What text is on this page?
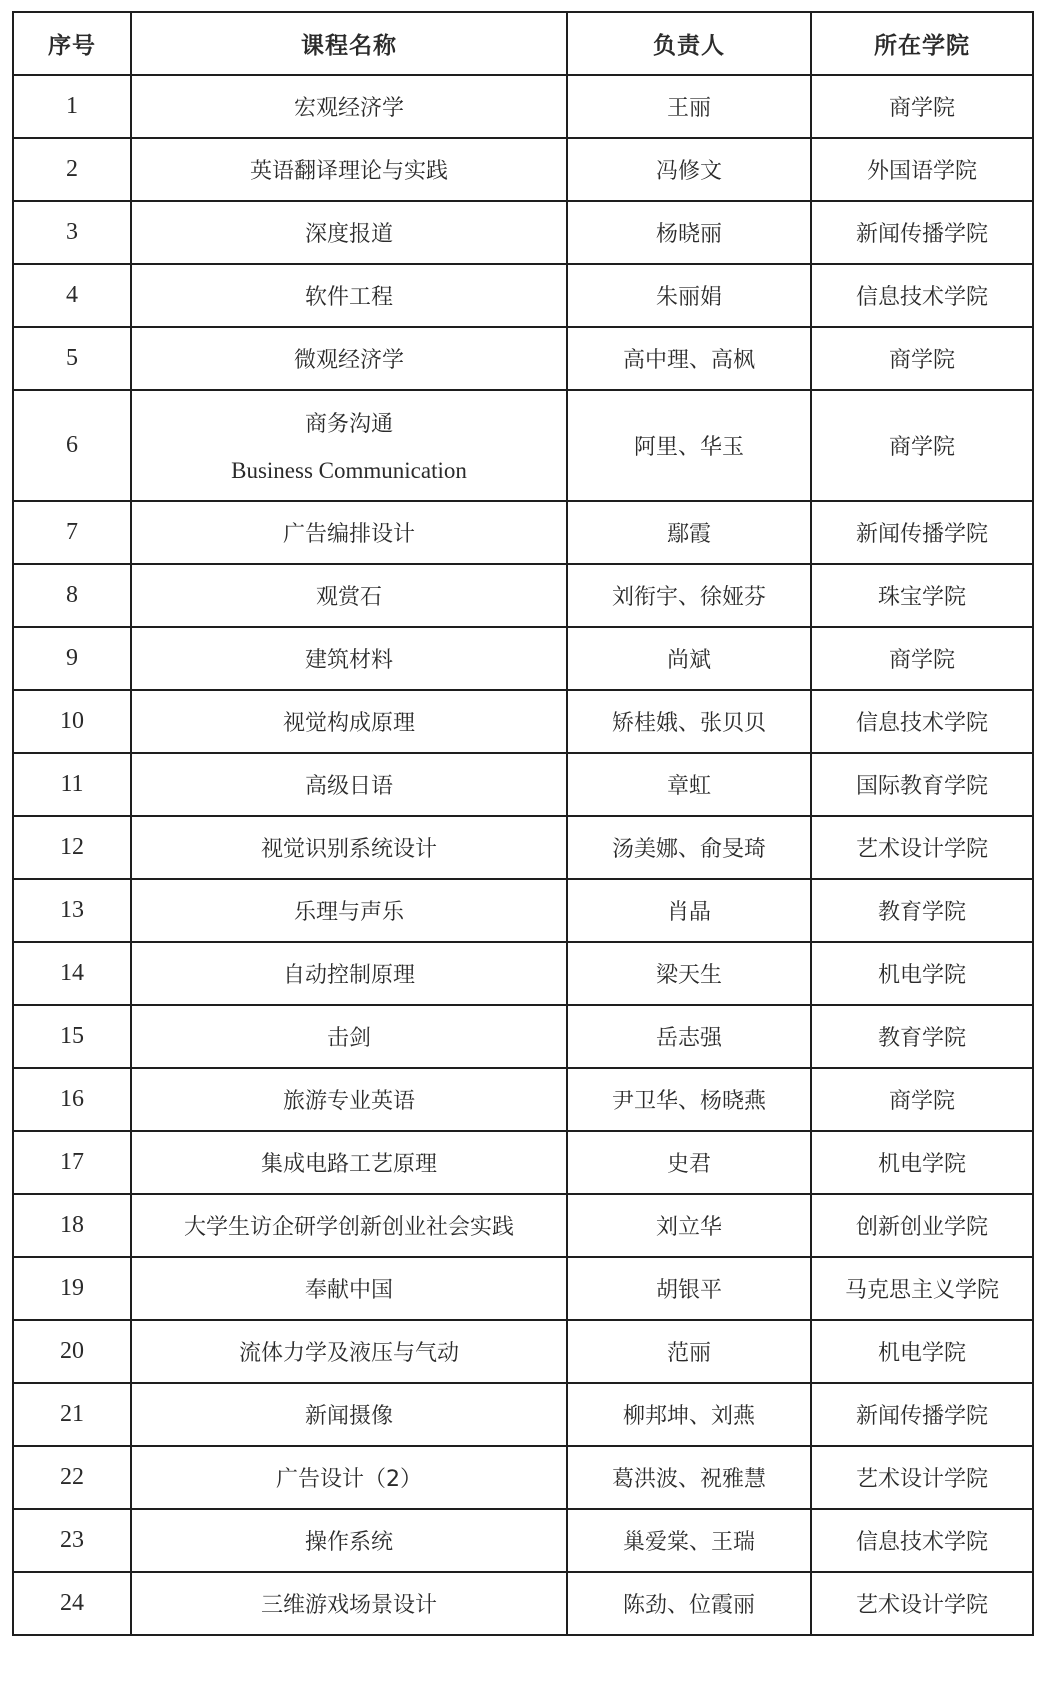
序号	课程名称	负责人	所在学院
1	宏观经济学	王丽	商学院
2	英语翻译理论与实践	冯修文	外国语学院
3	深度报道	杨晓丽	新闻传播学院
4	软件工程	朱丽娟	信息技术学院
5	微观经济学	高中理、高枫	商学院
6	商务沟通
Business Communication	阿里、华玉	商学院
7	广告编排设计	鄢霞	新闻传播学院
8	观赏石	刘衔宇、徐娅芬	珠宝学院
9	建筑材料	尚斌	商学院
10	视觉构成原理	矫桂娥、张贝贝	信息技术学院
11	高级日语	章虹	国际教育学院
12	视觉识别系统设计	汤美娜、俞旻琦	艺术设计学院
13	乐理与声乐	肖晶	教育学院
14	自动控制原理	梁天生	机电学院
15	击剑	岳志强	教育学院
16	旅游专业英语	尹卫华、杨晓燕	商学院
17	集成电路工艺原理	史君	机电学院
18	大学生访企研学创新创业社会实践	刘立华	创新创业学院
19	奉献中国	胡银平	马克思主义学院
20	流体力学及液压与气动	范丽	机电学院
21	新闻摄像	柳邦坤、刘燕	新闻传播学院
22	广告设计（2）	葛洪波、祝雅慧	艺术设计学院
23	操作系统	巢爱棠、王瑞	信息技术学院
24	三维游戏场景设计	陈劲、位霞丽	艺术设计学院
